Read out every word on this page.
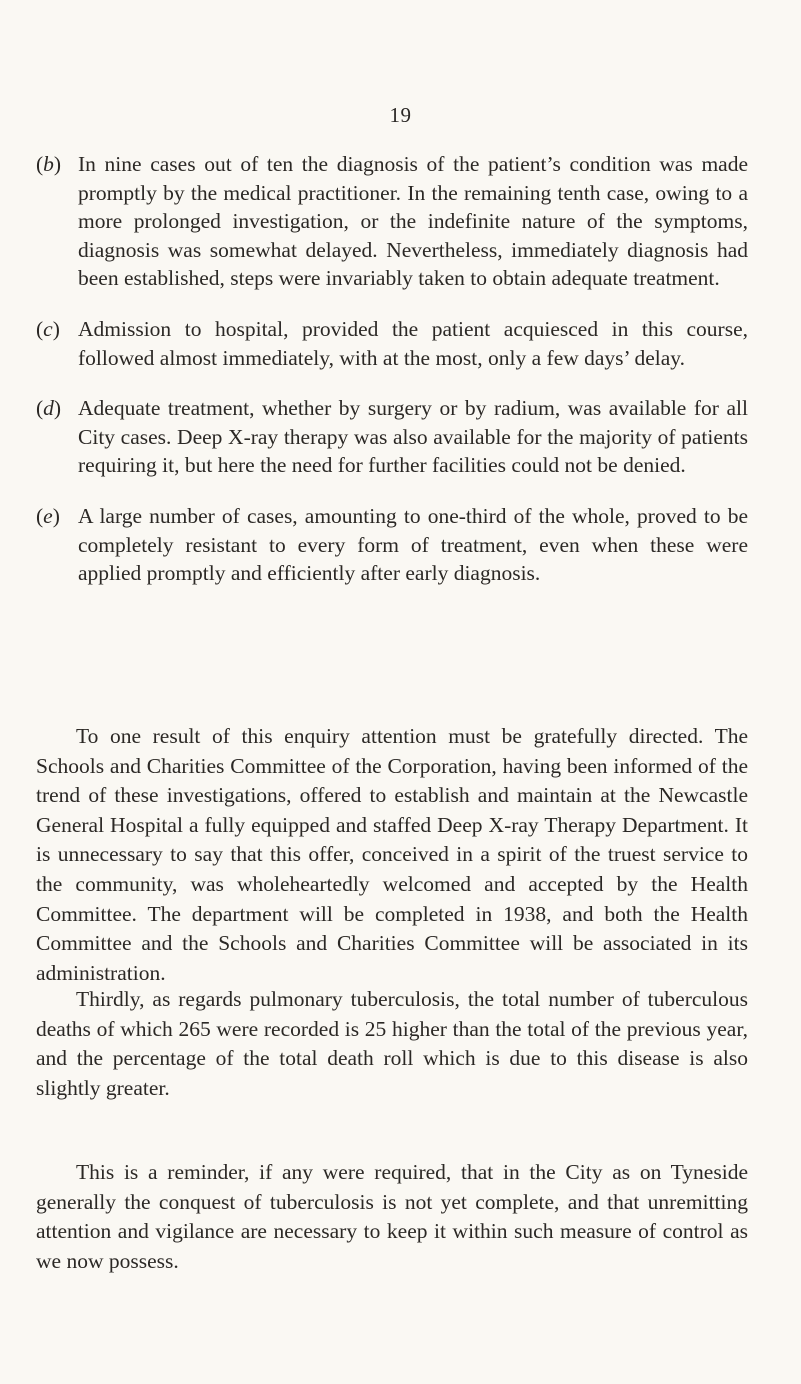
19
(b) In nine cases out of ten the diagnosis of the patient’s condition was made promptly by the medical practitioner. In the remaining tenth case, owing to a more prolonged investigation, or the indefinite nature of the symptoms, diagnosis was somewhat delayed. Nevertheless, immediately diagnosis had been established, steps were invariably taken to obtain adequate treatment.
(c) Admission to hospital, provided the patient acquiesced in this course, followed almost immediately, with at the most, only a few days’ delay.
(d) Adequate treatment, whether by surgery or by radium, was available for all City cases. Deep X-ray therapy was also available for the majority of patients requiring it, but here the need for further facilities could not be denied.
(e) A large number of cases, amounting to one-third of the whole, proved to be completely resistant to every form of treatment, even when these were applied promptly and efficiently after early diagnosis.

To one result of this enquiry attention must be gratefully directed. The Schools and Charities Committee of the Corporation, having been informed of the trend of these investigations, offered to establish and maintain at the Newcastle General Hospital a fully equipped and staffed Deep X-ray Therapy Department. It is unnecessary to say that this offer, conceived in a spirit of the truest service to the community, was wholeheartedly welcomed and accepted by the Health Committee. The department will be completed in 1938, and both the Health Committee and the Schools and Charities Committee will be associated in its administration.

Thirdly, as regards pulmonary tuberculosis, the total number of tuberculous deaths of which 265 were recorded is 25 higher than the total of the previous year, and the percentage of the total death roll which is due to this disease is also slightly greater.

This is a reminder, if any were required, that in the City as on Tyneside generally the conquest of tuberculosis is not yet complete, and that unremitting attention and vigilance are necessary to keep it within such measure of control as we now possess.
